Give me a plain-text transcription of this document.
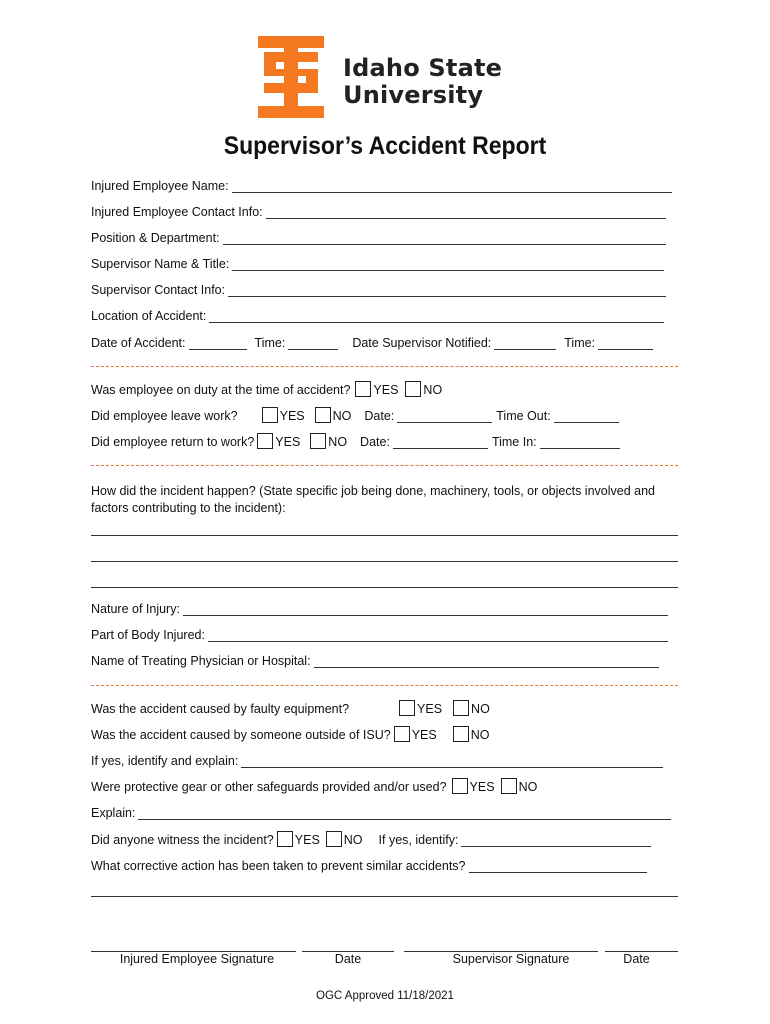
Idaho State
University
Supervisor’s Accident Report
Injured Employee Name:
Injured Employee Contact Info:
Position & Department:
Supervisor Name & Title:
Supervisor Contact Info:
Location of Accident:
Date of Accident:	Time:	Date Supervisor Notified:	Time:
Was employee on duty at the time of accident? YES NO
Did employee leave work?	YES NO Date:	Time Out:
Did employee return to work? YES NO Date:	Time In:
How did the incident happen? (State specific job being done, machinery, tools, or objects involved and factors contributing to the incident):
Nature of Injury:
Part of Body Injured:
Name of Treating Physician or Hospital:
Was the accident caused by faulty equipment?	YES NO
Was the accident caused by someone outside of ISU? YES	NO
If yes, identify and explain:
Were protective gear or other safeguards provided and/or used? YES NO
Explain:
Did anyone witness the incident? YES NO If yes, identify:
What corrective action has been taken to prevent similar accidents?
Injured Employee Signature	Date	Supervisor Signature	Date
OGC Approved 11/18/2021
